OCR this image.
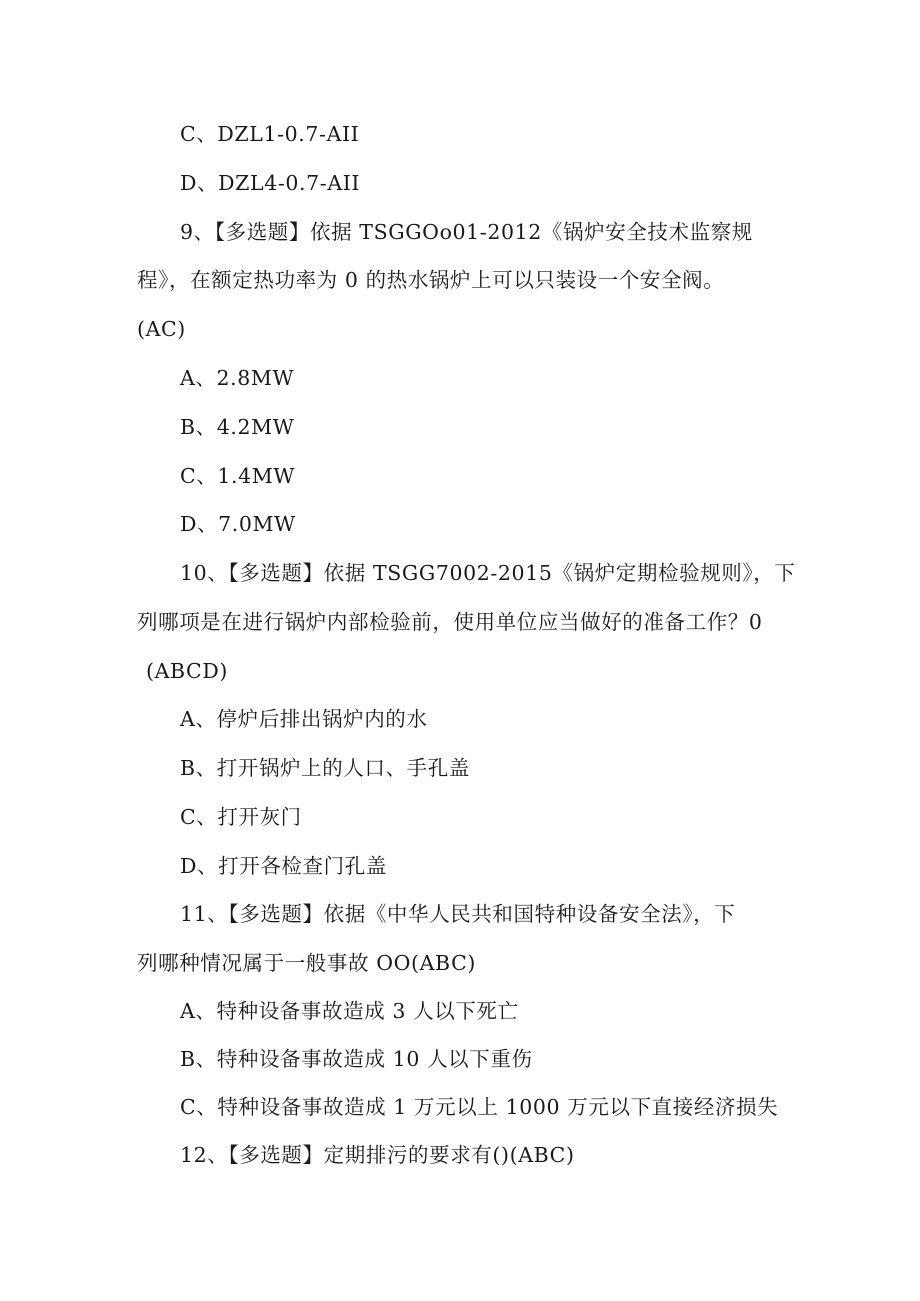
C、DZL1-0.7-AII
D、DZL4-0.7-AII
9、【多选题】依据 TSGGOo01-2012《锅炉安全技术监察规
程》，在额定热功率为 0 的热水锅炉上可以只装设一个安全阀。
(AC)
A、2.8MW
B、4.2MW
C、1.4MW
D、7.0MW
10、【多选题】依据 TSGG7002-2015《锅炉定期检验规则》，下
列哪项是在进行锅炉内部检验前，使用单位应当做好的准备工作？0
(ABCD)
A、停炉后排出锅炉内的水
B、打开锅炉上的人口、手孔盖
C、打开灰门
D、打开各检查门孔盖
11、【多选题】依据《中华人民共和国特种设备安全法》，下
列哪种情况属于一般事故 OO(ABC)
A、特种设备事故造成 3 人以下死亡
B、特种设备事故造成 10 人以下重伤
C、特种设备事故造成 1 万元以上 1000 万元以下直接经济损失
12、【多选题】定期排污的要求有()(ABC)
